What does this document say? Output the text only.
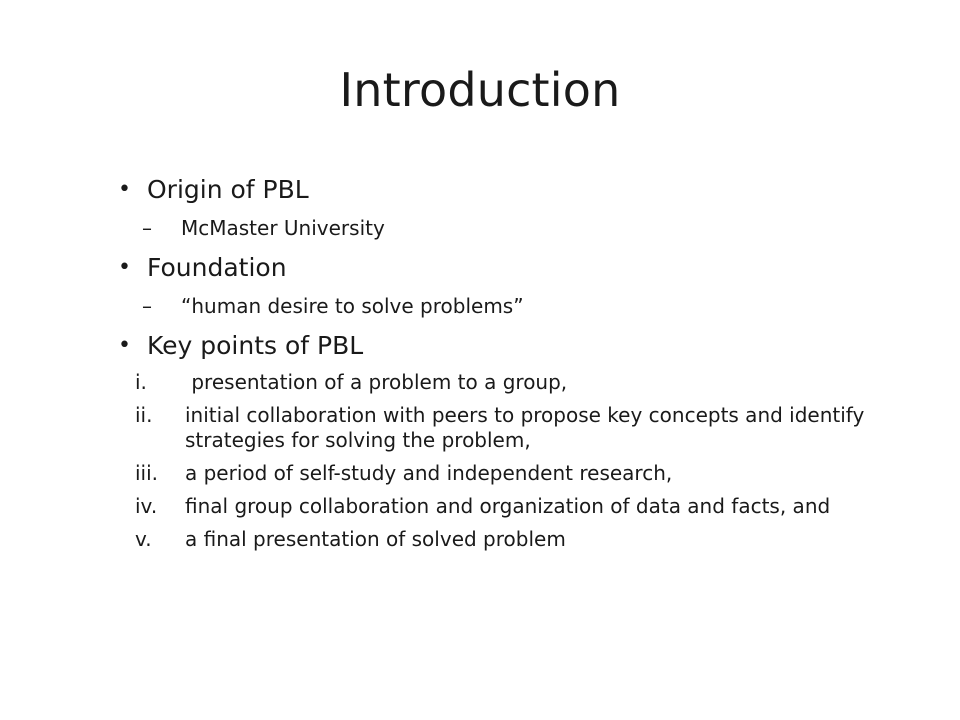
Introduction
• Origin of PBL
– McMaster University
• Foundation
– “human desire to solve problems”
• Key points of PBL
i.	presentation of a problem to a group,
ii.	initial collaboration with peers to propose key concepts and identify strategies for solving the problem,
iii.	a period of self-study and independent research,
iv.	final group collaboration and organization of data and facts, and
v.	a final presentation of solved problem
